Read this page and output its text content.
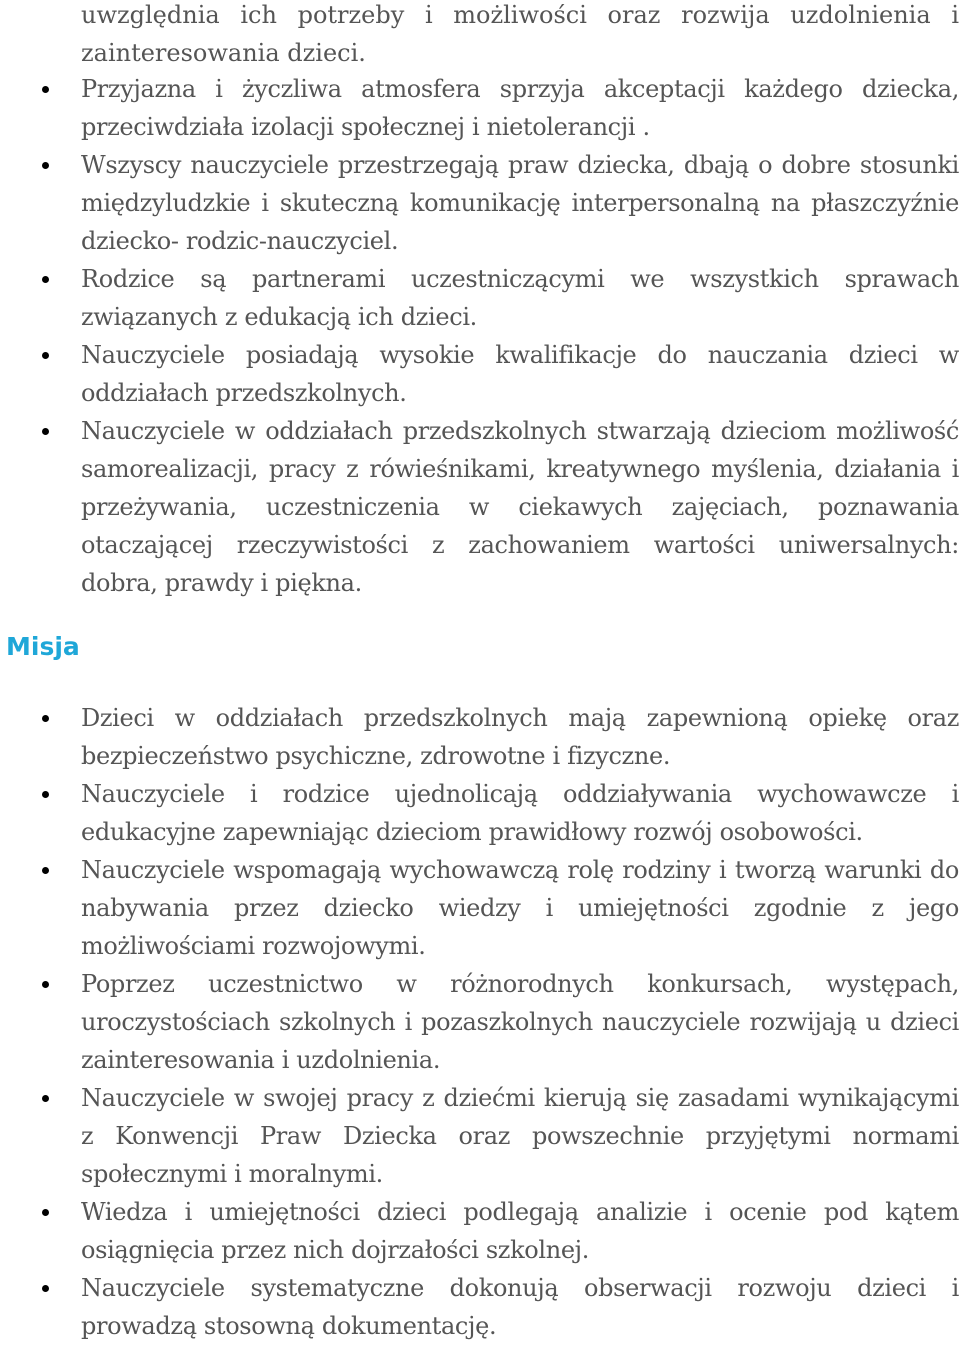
uwzględnia ich potrzeby i możliwości oraz rozwija uzdolnienia i zainteresowania dzieci.

Przyjazna i życzliwa atmosfera sprzyja akceptacji każdego dziecka, przeciwdziała izolacji społecznej i nietolerancji .
Wszyscy nauczyciele przestrzegają praw dziecka, dbają o dobre stosunki międzyludzkie i skuteczną komunikację interpersonalną na płaszczyźnie dziecko- rodzic-nauczyciel.
Rodzice są partnerami uczestniczącymi we wszystkich sprawach związanych z edukacją ich dzieci.
Nauczyciele posiadają wysokie kwalifikacje do nauczania dzieci w oddziałach przedszkolnych.
Nauczyciele w oddziałach przedszkolnych stwarzają dzieciom możliwość samorealizacji, pracy z rówieśnikami, kreatywnego myślenia, działania i przeżywania, uczestniczenia w ciekawych zajęciach, poznawania otaczającej rzeczywistości z zachowaniem wartości uniwersalnych: dobra, prawdy i piękna.
Misja
Dzieci w oddziałach przedszkolnych mają zapewnioną opiekę oraz bezpieczeństwo psychiczne, zdrowotne i fizyczne.
Nauczyciele i rodzice ujednolicają oddziaływania wychowawcze i edukacyjne zapewniając dzieciom prawidłowy rozwój osobowości.
Nauczyciele wspomagają wychowawczą rolę rodziny i tworzą warunki do nabywania przez dziecko wiedzy i umiejętności zgodnie z jego możliwościami rozwojowymi.
Poprzez uczestnictwo w różnorodnych konkursach, występach, uroczystościach szkolnych i pozaszkolnych nauczyciele rozwijają u dzieci zainteresowania i uzdolnienia.
Nauczyciele w swojej pracy z dziećmi kierują się zasadami wynikającymi z Konwencji Praw Dziecka oraz powszechnie przyjętymi normami społecznymi i moralnymi.
Wiedza i umiejętności dzieci podlegają analizie i ocenie pod kątem osiągnięcia przez nich dojrzałości szkolnej.
Nauczyciele systematyczne dokonują obserwacji rozwoju dzieci i prowadzą stosowną dokumentację.
